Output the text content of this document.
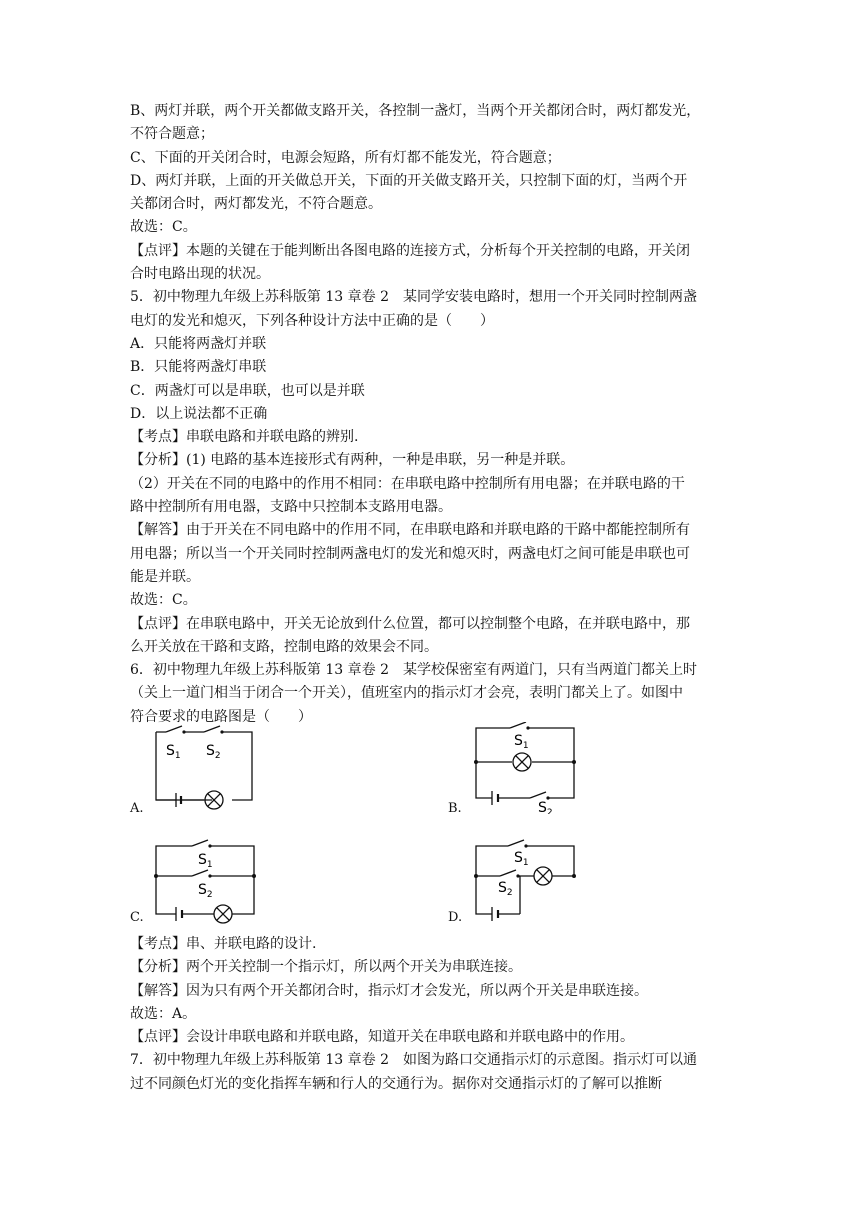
B、两灯并联，两个开关都做支路开关，各控制一盏灯，当两个开关都闭合时，两灯都发光，
不符合题意；
C、下面的开关闭合时，电源会短路，所有灯都不能发光，符合题意；
D、两灯并联，上面的开关做总开关，下面的开关做支路开关，只控制下面的灯，当两个开
关都闭合时，两灯都发光，不符合题意。
故选：C。
【点评】本题的关键在于能判断出各图电路的连接方式，分析每个开关控制的电路，开关闭
合时电路出现的状况。
5．初中物理九年级上苏科版第 13 章卷 2　某同学安装电路时，想用一个开关同时控制两盏
电灯的发光和熄灭，下列各种设计方法中正确的是（　　）
A．只能将两盏灯并联
B．只能将两盏灯串联
C．两盏灯可以是串联，也可以是并联
D．以上说法都不正确
【考点】串联电路和并联电路的辨别.
【分析】(1) 电路的基本连接形式有两种，一种是串联，另一种是并联。
（2）开关在不同的电路中的作用不相同：在串联电路中控制所有用电器；在并联电路的干
路中控制所有用电器，支路中只控制本支路用电器。
【解答】由于开关在不同电路中的作用不同，在串联电路和并联电路的干路中都能控制所有
用电器；所以当一个开关同时控制两盏电灯的发光和熄灭时，两盏电灯之间可能是串联也可
能是并联。
故选：C。
【点评】在串联电路中，开关无论放到什么位置，都可以控制整个电路，在并联电路中，那
么开关放在干路和支路，控制电路的效果会不同。
6．初中物理九年级上苏科版第 13 章卷 2　某学校保密室有两道门，只有当两道门都关上时
（关上一道门相当于闭合一个开关），值班室内的指示灯才会亮，表明门都关上了。如图中
符合要求的电路图是（　　）
A.
$S_1$ $S_2$
B.
$S_1$
$S_2$
C.
$S_1$
$S_2$
D.
$S_1$
$S_2$
【考点】串、并联电路的设计.
【分析】两个开关控制一个指示灯，所以两个开关为串联连接。
【解答】因为只有两个开关都闭合时，指示灯才会发光，所以两个开关是串联连接。
故选：A。
【点评】会设计串联电路和并联电路，知道开关在串联电路和并联电路中的作用。
7．初中物理九年级上苏科版第 13 章卷 2　如图为路口交通指示灯的示意图。指示灯可以通
过不同颜色灯光的变化指挥车辆和行人的交通行为。据你对交通指示灯的了解可以推断
